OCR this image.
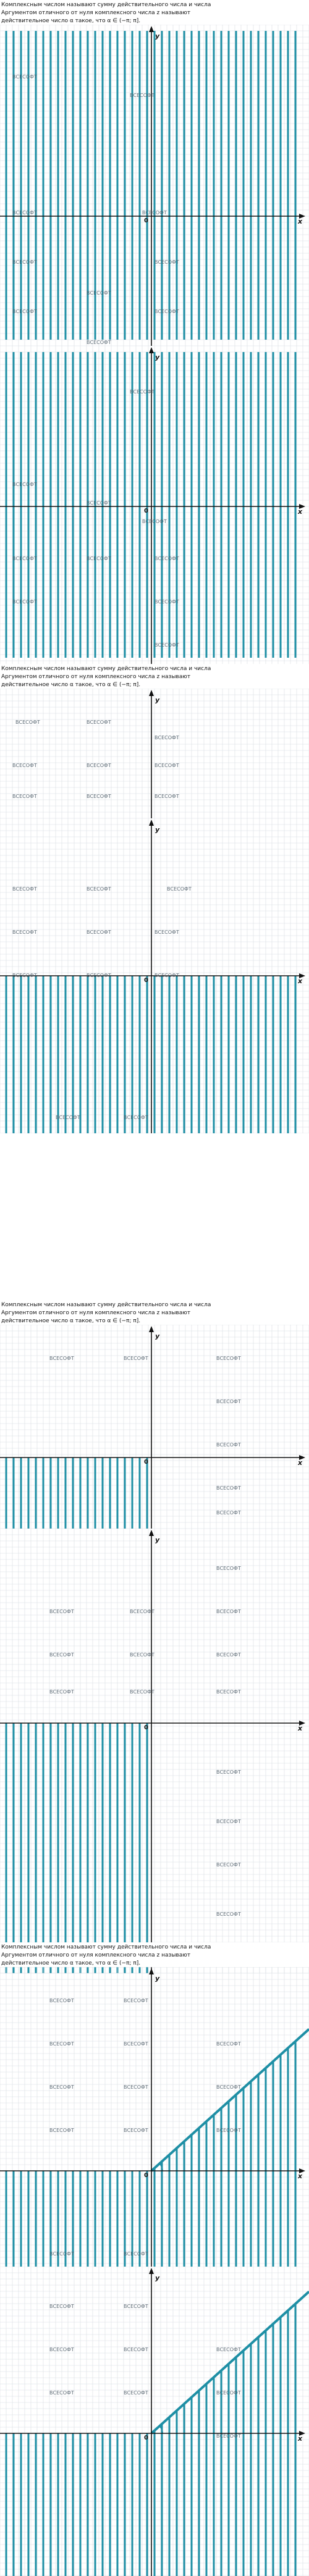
Комплексным числом называют сумму действительного числа и числа
Аргументом отличного от нуля комплексного числа z называют
действительное число α такое, что α ∈ (−π; π].
ВСЕСОФТ
ВСЕСОФТ
ВСЕСОФТ	ВСЕСОФТ
ВСЕСОФТ
ВСЕСОФТ
ВСЕСОФТ
ВСЕСОФТ	ВСЕСОФТ
ВСЕСОФТ
x
y
0
ВСЕСОФТ
ВСЕСОФТ
ВСЕСОФТ
ВСЕСОФТ
ВСЕСОФТ	ВСЕСОФТ	ВСЕСОФТ
ВСЕСОФТ	ВСЕСОФТ
ВСЕСОФТ
x
y
0
Комплексным числом называют сумму действительного числа и числа
Аргументом отличного от нуля комплексного числа z называют
действительное число α такое, что α ∈ (−π; π].
ВСЕСОФТ	ВСЕСОФТ
ВСЕСОФТ
ВСЕСОФТ	ВСЕСОФТ	ВСЕСОФТ
ВСЕСОФТ	ВСЕСОФТ	ВСЕСОФТ
y
ВСЕСОФТ	ВСЕСОФТ	ВСЕСОФТ
ВСЕСОФТ	ВСЕСОФТ	ВСЕСОФТ
ВСЕСОФТ	ВСЕСОФТ	ВСЕСОФТ
ВСЕСОФТ	ВСЕСОФТ
x
y
0
Комплексным числом называют сумму действительного числа и числа
Аргументом отличного от нуля комплексного числа z называют
действительное число α такое, что α ∈ (−π; π].
ВСЕСОФТ	ВСЕСОФТ	ВСЕСОФТ
ВСЕСОФТ
ВСЕСОФТ
ВСЕСОФТ
ВСЕСОФТ
x
y
0
ВСЕСОФТ	ВСЕСОФТ
ВСЕСОФТ
ВСЕСОФТ
ВСЕСОФТ	ВСЕСОФТ	ВСЕСОФТ
ВСЕСОФТ	ВСЕСОФТ	ВСЕСОФТ
ВСЕСОФТ
ВСЕСОФТ
ВСЕСОФТ
ВСЕСОФТ
x
y
0
Комплексным числом называют сумму действительного числа и числа
Аргументом отличного от нуля комплексного числа z называют
действительное число α такое, что α ∈ (−π; π].
ВСЕСОФТ	ВСЕСОФТ
ВСЕСОФТ	ВСЕСОФТ	ВСЕСОФТ
ВСЕСОФТ	ВСЕСОФТ	ВСЕСОФТ
ВСЕСОФТ	ВСЕСОФТ	ВСЕСОФТ
ВСЕСОФТ	ВСЕСОФТ
x
y
0
ВСЕСОФТ	ВСЕСОФТ
ВСЕСОФТ	ВСЕСОФТ	ВСЕСОФТ
ВСЕСОФТ	ВСЕСОФТ	ВСЕСОФТ
ВСЕСОФТ	x
y
0
